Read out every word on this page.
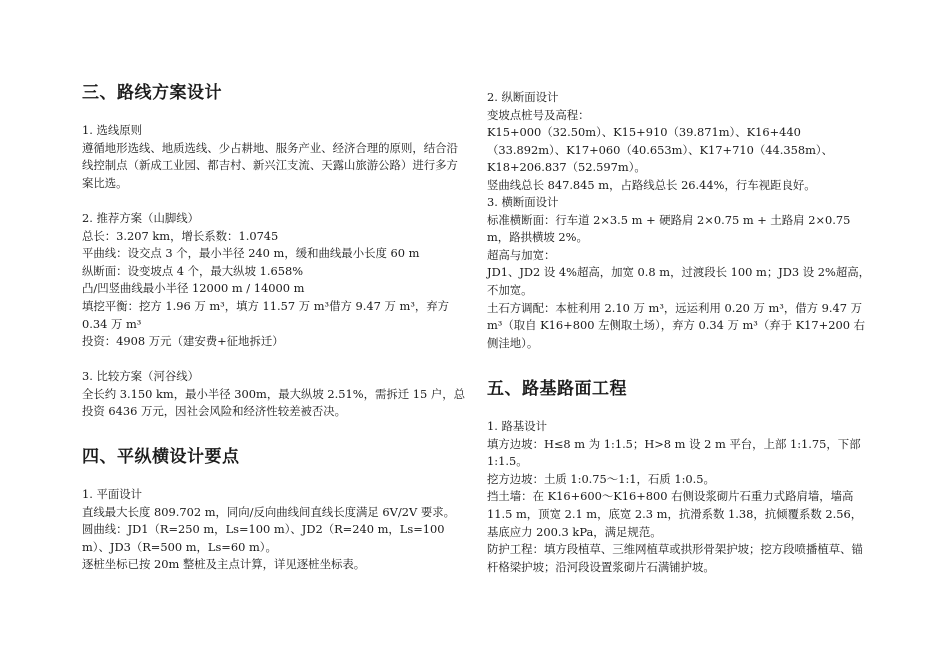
三、路线方案设计

1. 选线原则

遵循地形选线、地质选线、少占耕地、服务产业、经济合理的原则，结合沿线控制点（新成工业园、都吉村、新兴江支流、天露山旅游公路）进行多方案比选。

2. 推荐方案（山脚线）

总长：3.207 km，增长系数：1.0745

平曲线：设交点 3 个，最小半径 240 m，缓和曲线最小长度 60 m

纵断面：设变坡点 4 个，最大纵坡 1.658%

凸/凹竖曲线最小半径 12000 m / 14000 m

填挖平衡：挖方 1.96 万 m³，填方 11.57 万 m³借方 9.47 万 m³，弃方 0.34 万 m³

投资：4908 万元（建安费+征地拆迁）

3. 比较方案（河谷线）

全长约 3.150 km，最小半径 300m，最大纵坡 2.51%，需拆迁 15 户，总投资 6436 万元，因社会风险和经济性较差被否决。

四、平纵横设计要点

1. 平面设计

直线最大长度 809.702 m，同向/反向曲线间直线长度满足 6V/2V 要求。

圆曲线：JD1（R=250 m，Ls=100 m）、JD2（R=240 m，Ls=100 m）、JD3（R=500 m，Ls=60 m）。

逐桩坐标已按 20m 整桩及主点计算，详见逐桩坐标表。

2. 纵断面设计

变坡点桩号及高程：

K15+000（32.50m）、K15+910（39.871m）、K16+440（33.892m）、K17+060（40.653m）、K17+710（44.358m）、K18+206.837（52.597m）。

竖曲线总长 847.845 m，占路线总长 26.44%，行车视距良好。

3. 横断面设计

标准横断面：行车道 2×3.5 m + 硬路肩 2×0.75 m + 土路肩 2×0.75 m，路拱横坡 2%。

超高与加宽：

JD1、JD2 设 4%超高，加宽 0.8 m，过渡段长 100 m；JD3 设 2%超高，不加宽。

土石方调配：本桩利用 2.10 万 m³，远运利用 0.20 万 m³，借方 9.47 万 m³（取自 K16+800 左侧取土场），弃方 0.34 万 m³（弃于 K17+200 右侧洼地）。

五、路基路面工程

1. 路基设计

填方边坡：H≤8 m 为 1:1.5；H>8 m 设 2 m 平台，上部 1:1.75，下部 1:1.5。

挖方边坡：土质 1:0.75～1:1，石质 1:0.5。

挡土墙：在 K16+600～K16+800 右侧设浆砌片石重力式路肩墙，墙高 11.5 m，顶宽 2.1 m，底宽 2.3 m，抗滑系数 1.38，抗倾覆系数 2.56，基底应力 200.3 kPa，满足规范。

防护工程：填方段植草、三维网植草或拱形骨架护坡；挖方段喷播植草、锚杆格梁护坡；沿河段设置浆砌片石满铺护坡。
